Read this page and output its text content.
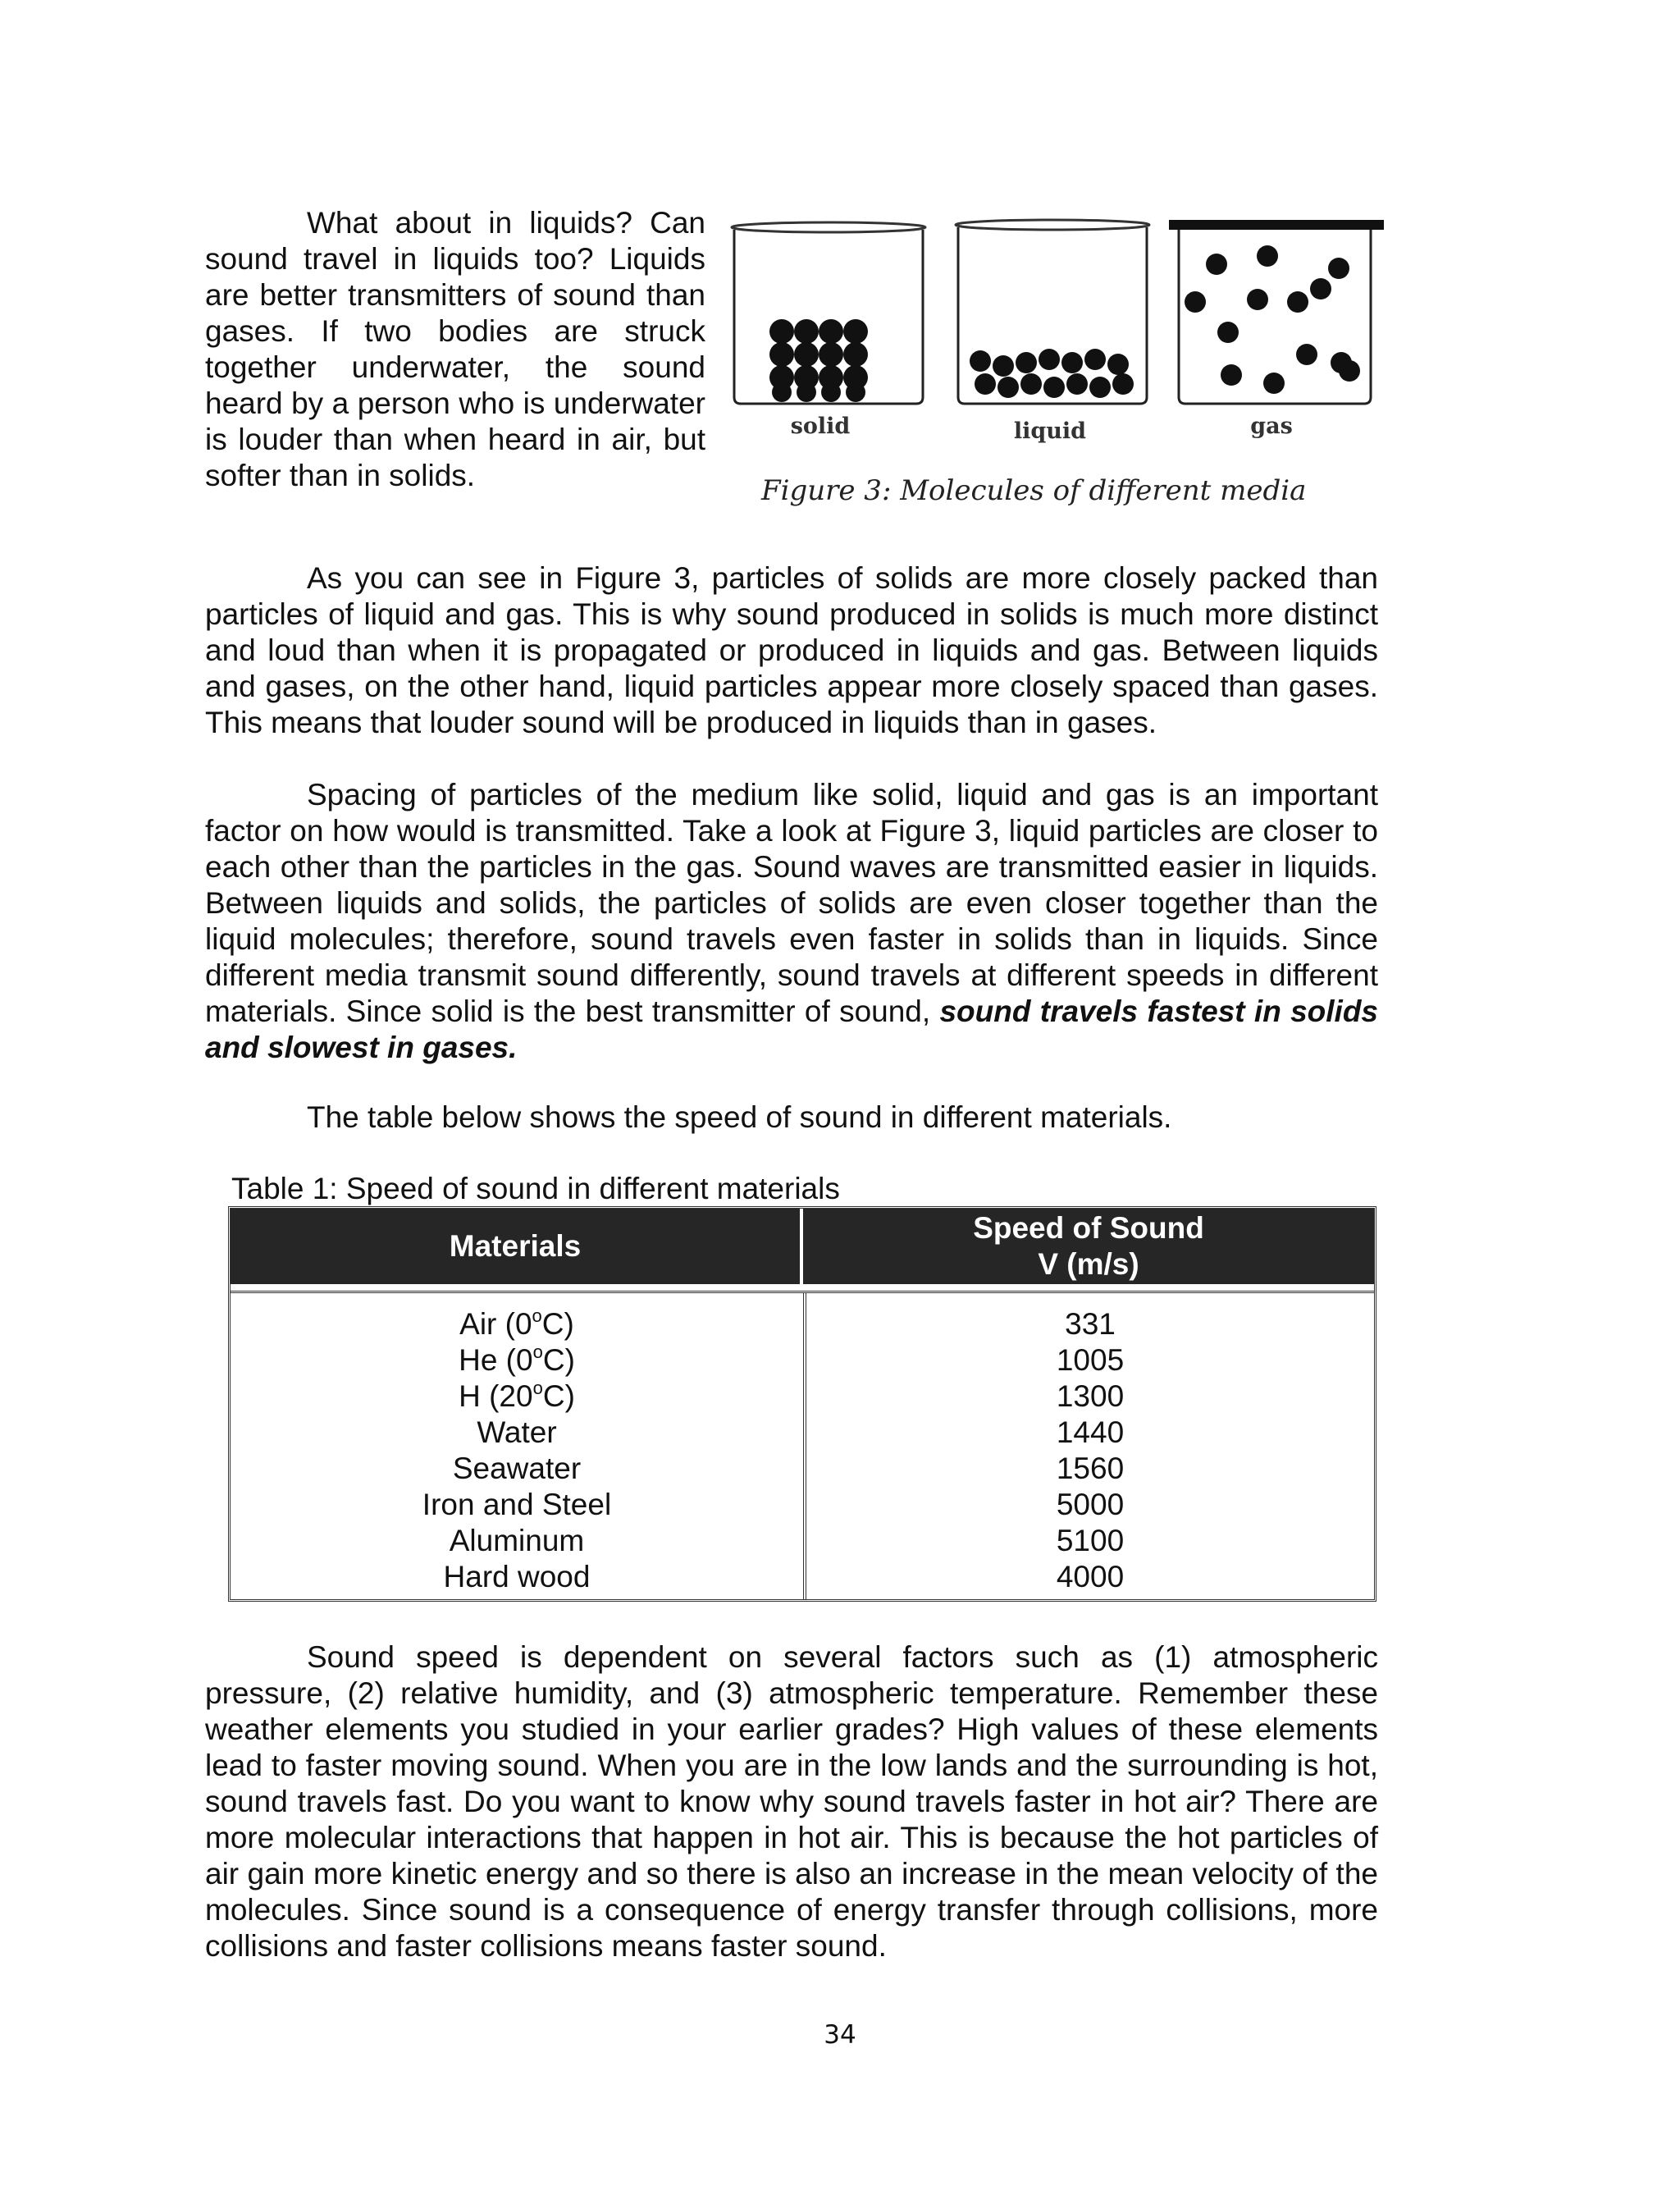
What about in liquids? Can sound travel in liquids too? Liquids are better transmitters of sound than gases. If two bodies are struck together underwater, the sound heard by a person who is underwater is louder than when heard in air, but softer than in solids.

solid	liquid	gas
Figure 3: Molecules of different media

As you can see in Figure 3, particles of solids are more closely packed than particles of liquid and gas. This is why sound produced in solids is much more distinct and loud than when it is propagated or produced in liquids and gas. Between liquids and gases, on the other hand, liquid particles appear more closely spaced than gases. This means that louder sound will be produced in liquids than in gases.

Spacing of particles of the medium like solid, liquid and gas is an important factor on how would is transmitted. Take a look at Figure 3, liquid particles are closer to each other than the particles in the gas. Sound waves are transmitted easier in liquids. Between liquids and solids, the particles of solids are even closer together than the liquid molecules; therefore, sound travels even faster in solids than in liquids. Since different media transmit sound differently, sound travels at different speeds in different materials. Since solid is the best transmitter of sound, sound travels fastest in solids and slowest in gases.

The table below shows the speed of sound in different materials.

Table 1: Speed of sound in different materials
Materials
Speed of Sound
V (m/s)
Air (0$^o$C)
He (0$^o$C)
H (20$^o$C)
Water
Seawater
Iron and Steel
Aluminum
Hard wood
331
1005
1300
1440
1560
5000
5100
4000

Sound speed is dependent on several factors such as (1) atmospheric pressure, (2) relative humidity, and (3) atmospheric temperature. Remember these weather elements you studied in your earlier grades? High values of these elements lead to faster moving sound. When you are in the low lands and the surrounding is hot, sound travels fast. Do you want to know why sound travels faster in hot air? There are more molecular interactions that happen in hot air. This is because the hot particles of air gain more kinetic energy and so there is also an increase in the mean velocity of the molecules. Since sound is a consequence of energy transfer through collisions, more collisions and faster collisions means faster sound.

34
